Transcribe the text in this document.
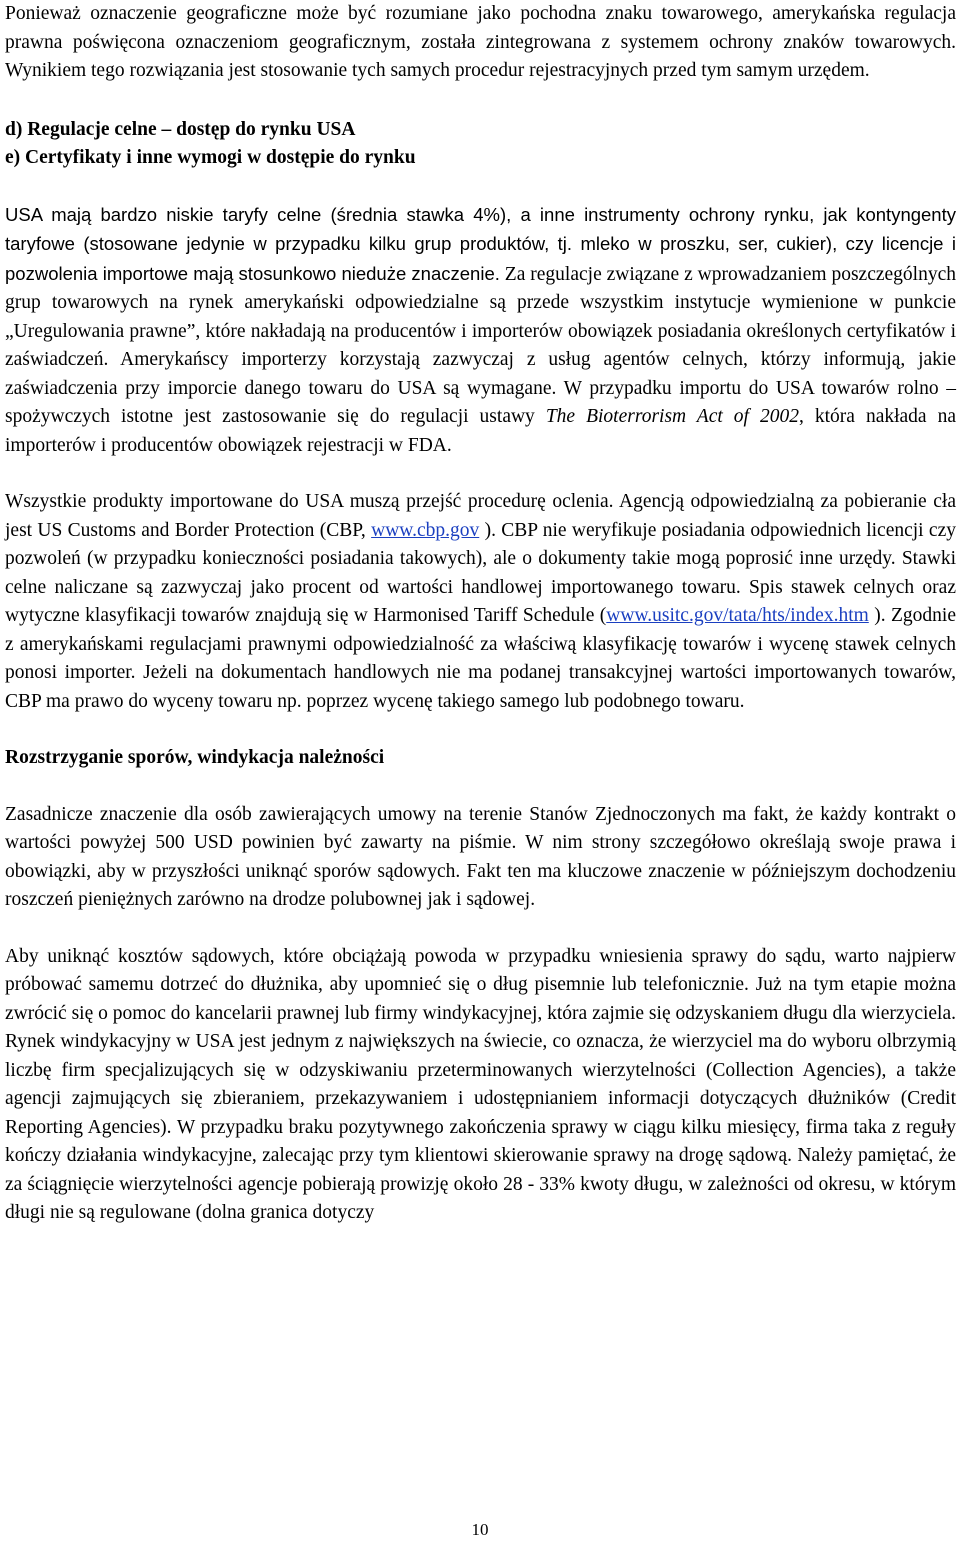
Ponieważ oznaczenie geograficzne może być rozumiane jako pochodna znaku towarowego, amerykańska regulacja prawna poświęcona oznaczeniom geograficznym, została zintegrowana z systemem ochrony znaków towarowych. Wynikiem tego rozwiązania jest stosowanie tych samych procedur rejestracyjnych przed tym samym urzędem.

d) Regulacje celne – dostęp do rynku USA
e) Certyfikaty i inne wymogi w dostępie do rynku

USA mają bardzo niskie taryfy celne (średnia stawka 4%), a inne instrumenty ochrony rynku, jak kontyngenty taryfowe (stosowane jedynie w przypadku kilku grup produktów, tj. mleko w proszku, ser, cukier), czy licencje i pozwolenia importowe mają stosunkowo nieduże znaczenie. Za regulacje związane z wprowadzaniem poszczególnych grup towarowych na rynek amerykański odpowiedzialne są przede wszystkim instytucje wymienione w punkcie „Uregulowania prawne”, które nakładają na producentów i importerów obowiązek posiadania określonych certyfikatów i zaświadczeń. Amerykańscy importerzy korzystają zazwyczaj z usług agentów celnych, którzy informują, jakie zaświadczenia przy imporcie danego towaru do USA są wymagane. W przypadku importu do USA towarów rolno – spożywczych istotne jest zastosowanie się do regulacji ustawy The Bioterrorism Act of 2002, która nakłada na importerów i producentów obowiązek rejestracji w FDA.

Wszystkie produkty importowane do USA muszą przejść procedurę oclenia. Agencją odpowiedzialną za pobieranie cła jest US Customs and Border Protection (CBP, www.cbp.gov ). CBP nie weryfikuje posiadania odpowiednich licencji czy pozwoleń (w przypadku konieczności posiadania takowych), ale o dokumenty takie mogą poprosić inne urzędy. Stawki celne naliczane są zazwyczaj jako procent od wartości handlowej importowanego towaru. Spis stawek celnych oraz wytyczne klasyfikacji towarów znajdują się w Harmonised Tariff Schedule (www.usitc.gov/tata/hts/index.htm ). Zgodnie z amerykańskami regulacjami prawnymi odpowiedzialność za właściwą klasyfikację towarów i wycenę stawek celnych ponosi importer. Jeżeli na dokumentach handlowych nie ma podanej transakcyjnej wartości importowanych towarów, CBP ma prawo do wyceny towaru np. poprzez wycenę takiego samego lub podobnego towaru.

Rozstrzyganie sporów, windykacja należności

Zasadnicze znaczenie dla osób zawierających umowy na terenie Stanów Zjednoczonych ma fakt, że każdy kontrakt o wartości powyżej 500 USD powinien być zawarty na piśmie. W nim strony szczegółowo określają swoje prawa i obowiązki, aby w przyszłości uniknąć sporów sądowych. Fakt ten ma kluczowe znaczenie w późniejszym dochodzeniu roszczeń pieniężnych zarówno na drodze polubownej jak i sądowej.

Aby uniknąć kosztów sądowych, które obciążają powoda w przypadku wniesienia sprawy do sądu, warto najpierw próbować samemu dotrzeć do dłużnika, aby upomnieć się o dług pisemnie lub telefonicznie. Już na tym etapie można zwrócić się o pomoc do kancelarii prawnej lub firmy windykacyjnej, która zajmie się odzyskaniem długu dla wierzyciela. Rynek windykacyjny w USA jest jednym z największych na świecie, co oznacza, że wierzyciel ma do wyboru olbrzymią liczbę firm specjalizujących się w odzyskiwaniu przeterminowanych wierzytelności (Collection Agencies), a także agencji zajmujących się zbieraniem, przekazywaniem i udostępnianiem informacji dotyczących dłużników (Credit Reporting Agencies). W przypadku braku pozytywnego zakończenia sprawy w ciągu kilku miesięcy, firma taka z reguły kończy działania windykacyjne, zalecając przy tym klientowi skierowanie sprawy na drogę sądową. Należy pamiętać, że za ściągnięcie wierzytelności agencje pobierają prowizję około 28 - 33% kwoty długu, w zależności od okresu, w którym długi nie są regulowane (dolna granica dotyczy

10
